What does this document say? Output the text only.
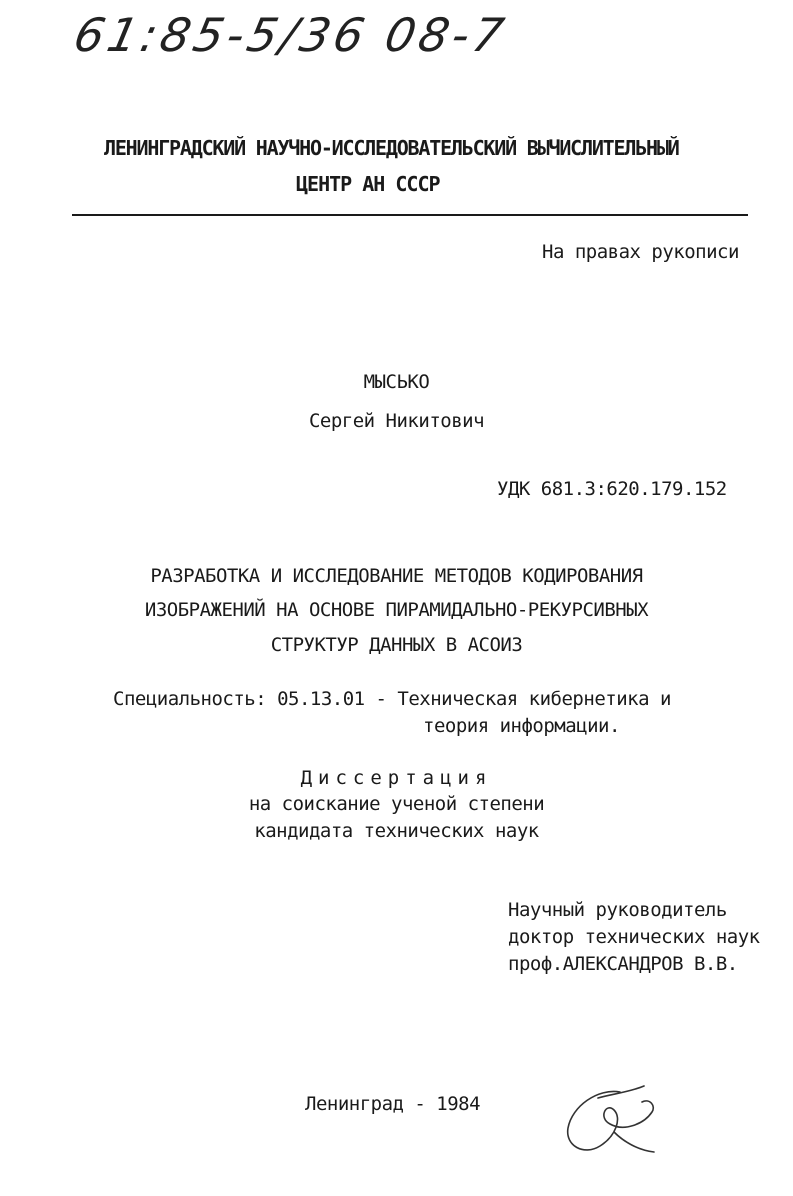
61:85-5/36 08-7
ЛЕНИНГРАДСКИЙ НАУЧНО-ИССЛЕДОВАТЕЛЬСКИЙ ВЫЧИСЛИТЕЛЬНЫЙ
ЦЕНТР АН СССР
На правах рукописи
МЫСЬКО
Сергей Никитович
УДК 681.3:620.179.152
РАЗРАБОТКА И ИССЛЕДОВАНИЕ МЕТОДОВ КОДИРОВАНИЯ
ИЗОБРАЖЕНИЙ НА ОСНОВЕ ПИРАМИДАЛЬНО-РЕКУРСИВНЫХ
СТРУКТУР ДАННЫХ В АСОИЗ
Специальность: 05.13.01 - Техническая кибернетика и
теория информации.
Диссертация
на соискание ученой степени
кандидата технических наук
Научный руководитель
доктор технических наук
проф.АЛЕКСАНДРОВ В.В.
Ленинград - 1984
